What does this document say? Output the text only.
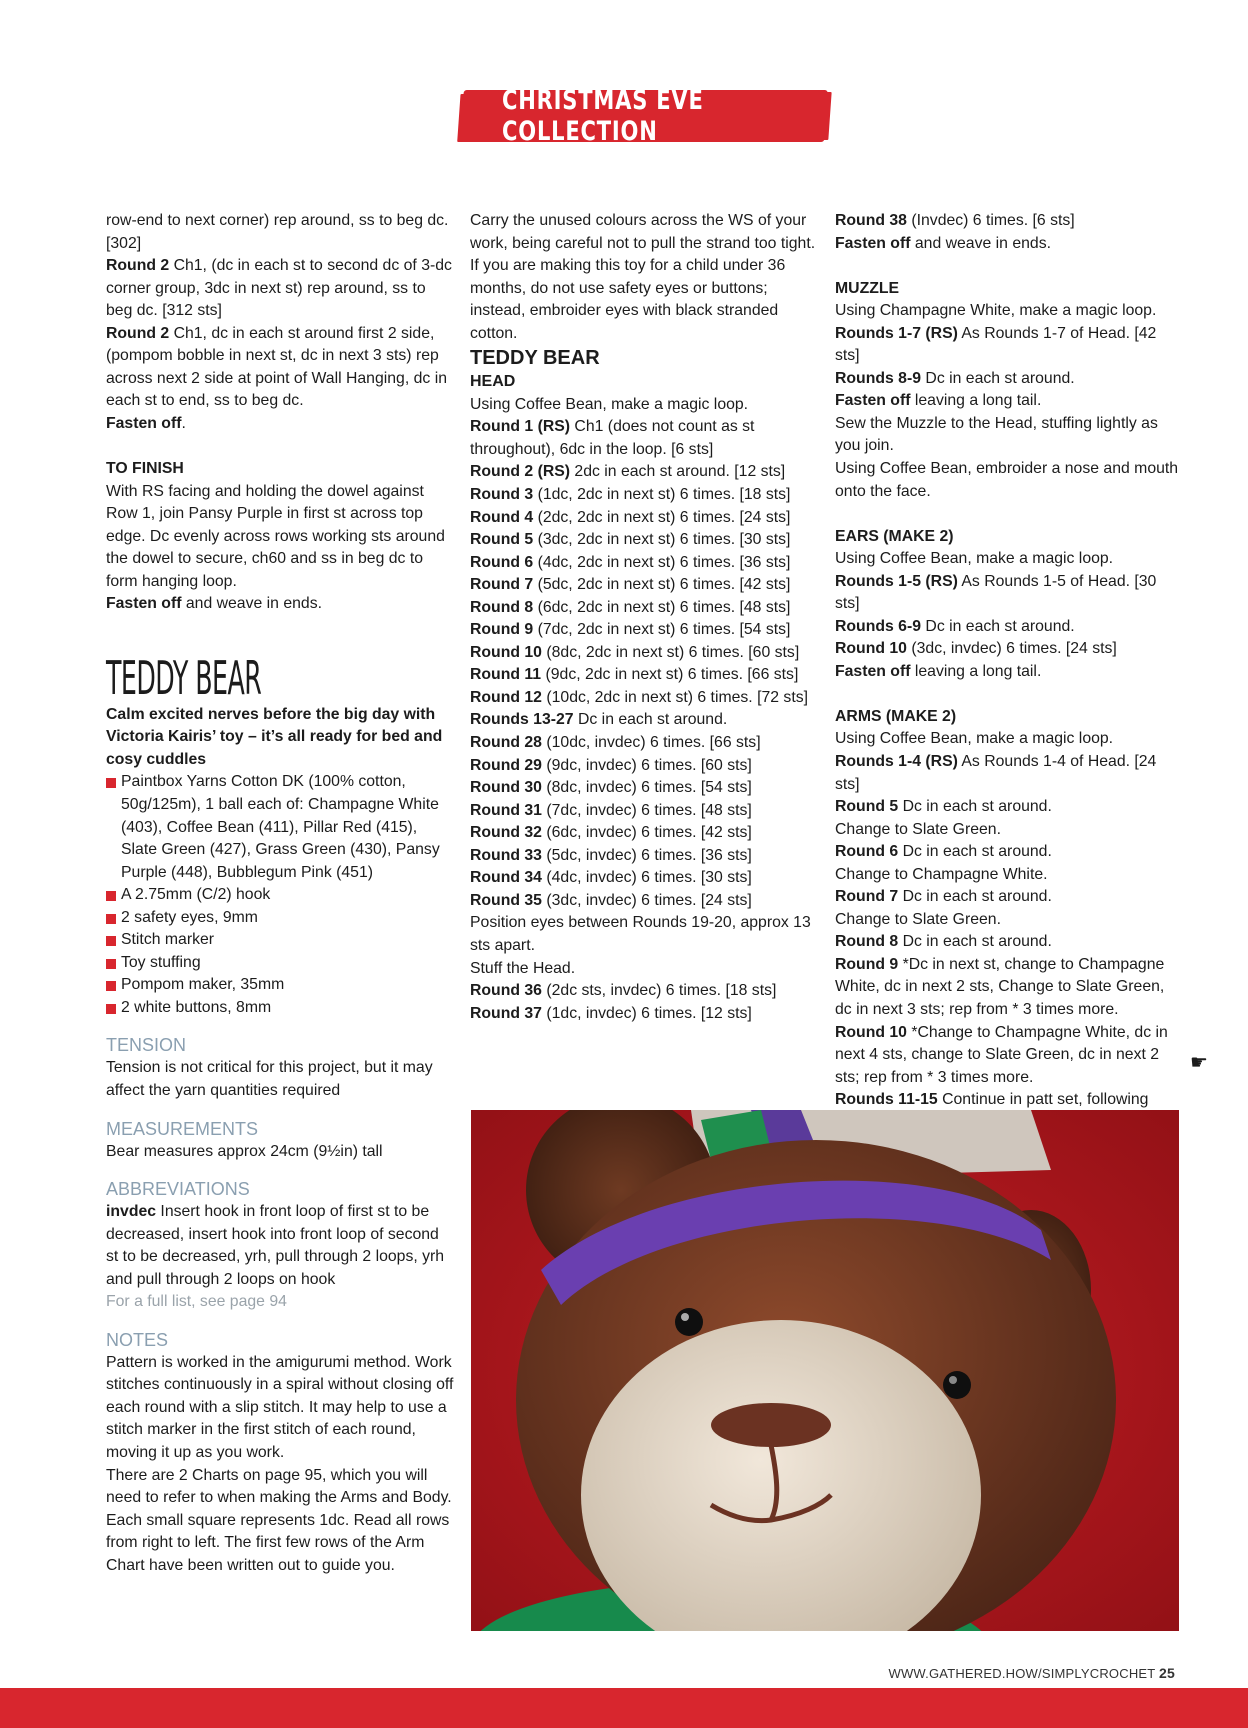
CHRISTMAS EVE COLLECTION

row-end to next corner) rep around, ss to beg dc. [302]

Round 2 Ch1, (dc in each st to second dc of 3-dc corner group, 3dc in next st) rep around, ss to beg dc. [312 sts]

Round 2 Ch1, dc in each st around first 2 side, (pompom bobble in next st, dc in next 3 sts) rep across next 2 side at point of Wall Hanging, dc in each st to end, ss to beg dc.

Fasten off.

TO FINISH

With RS facing and holding the dowel against Row 1, join Pansy Purple in first st across top edge. Dc evenly across rows working sts around the dowel to secure, ch60 and ss in beg dc to form hanging loop.

Fasten off and weave in ends.

TEDDY BEAR

Calm excited nerves before the big day with Victoria Kairis’ toy – it’s all ready for bed and cosy cuddles

Paintbox Yarns Cotton DK (100% cotton, 50g/125m), 1 ball each of: Champagne White (403), Coffee Bean (411), Pillar Red (415), Slate Green (427), Grass Green (430), Pansy Purple (448), Bubblegum Pink (451)
A 2.75mm (C/2) hook
2 safety eyes, 9mm
Stitch marker
Toy stuffing
Pompom maker, 35mm
2 white buttons, 8mm

TENSION

Tension is not critical for this project, but it may affect the yarn quantities required

MEASUREMENTS

Bear measures approx 24cm (9½in) tall

ABBREVIATIONS

invdec Insert hook in front loop of first st to be decreased, insert hook into front loop of second st to be decreased, yrh, pull through 2 loops, yrh and pull through 2 loops on hook

For a full list, see page 94

NOTES

Pattern is worked in the amigurumi method. Work stitches continuously in a spiral without closing off each round with a slip stitch. It may help to use a stitch marker in the first stitch of each round, moving it up as you work.

There are 2 Charts on page 95, which you will need to refer to when making the Arms and Body. Each small square represents 1dc. Read all rows from right to left. The first few rows of the Arm Chart have been written out to guide you.

Carry the unused colours across the WS of your work, being careful not to pull the strand too tight.

If you are making this toy for a child under 36 months, do not use safety eyes or buttons; instead, embroider eyes with black stranded cotton.

TEDDY BEAR

HEAD

Using Coffee Bean, make a magic loop.

Round 1 (RS) Ch1 (does not count as st throughout), 6dc in the loop. [6 sts]

Round 2 (RS) 2dc in each st around. [12 sts]

Round 3 (1dc, 2dc in next st) 6 times. [18 sts]

Round 4 (2dc, 2dc in next st) 6 times. [24 sts]

Round 5 (3dc, 2dc in next st) 6 times. [30 sts]

Round 6 (4dc, 2dc in next st) 6 times. [36 sts]

Round 7 (5dc, 2dc in next st) 6 times. [42 sts]

Round 8 (6dc, 2dc in next st) 6 times. [48 sts]

Round 9 (7dc, 2dc in next st) 6 times. [54 sts]

Round 10 (8dc, 2dc in next st) 6 times. [60 sts]

Round 11 (9dc, 2dc in next st) 6 times. [66 sts]

Round 12 (10dc, 2dc in next st) 6 times. [72 sts]

Rounds 13-27 Dc in each st around.

Round 28 (10dc, invdec) 6 times. [66 sts]

Round 29 (9dc, invdec) 6 times. [60 sts]

Round 30 (8dc, invdec) 6 times. [54 sts]

Round 31 (7dc, invdec) 6 times. [48 sts]

Round 32 (6dc, invdec) 6 times. [42 sts]

Round 33 (5dc, invdec) 6 times. [36 sts]

Round 34 (4dc, invdec) 6 times. [30 sts]

Round 35 (3dc, invdec) 6 times. [24 sts]

Position eyes between Rounds 19-20, approx 13 sts apart.

Stuff the Head.

Round 36 (2dc sts, invdec) 6 times. [18 sts]

Round 37 (1dc, invdec) 6 times. [12 sts]

Round 38 (Invdec) 6 times. [6 sts]

Fasten off and weave in ends.

MUZZLE

Using Champagne White, make a magic loop.

Rounds 1-7 (RS) As Rounds 1-7 of Head. [42 sts]

Rounds 8-9 Dc in each st around.

Fasten off leaving a long tail.

Sew the Muzzle to the Head, stuffing lightly as you join.

Using Coffee Bean, embroider a nose and mouth onto the face.

EARS (MAKE 2)

Using Coffee Bean, make a magic loop.

Rounds 1-5 (RS) As Rounds 1-5 of Head. [30 sts]

Rounds 6-9 Dc in each st around.

Round 10 (3dc, invdec) 6 times. [24 sts]

Fasten off leaving a long tail.

ARMS (MAKE 2)

Using Coffee Bean, make a magic loop.

Rounds 1-4 (RS) As Rounds 1-4 of Head. [24 sts]

Round 5 Dc in each st around.

Change to Slate Green.

Round 6 Dc in each st around.

Change to Champagne White.

Round 7 Dc in each st around.

Change to Slate Green.

Round 8 Dc in each st around.

Round 9 *Dc in next st, change to Champagne White, dc in next 2 sts, Change to Slate Green, dc in next 3 sts; rep from * 3 times more.

Round 10 *Change to Champagne White, dc in next 4 sts, change to Slate Green, dc in next 2 sts; rep from * 3 times more.

Rounds 11-15 Continue in patt set, following

☛
WWW.GATHERED.HOW/SIMPLYCROCHET 25
